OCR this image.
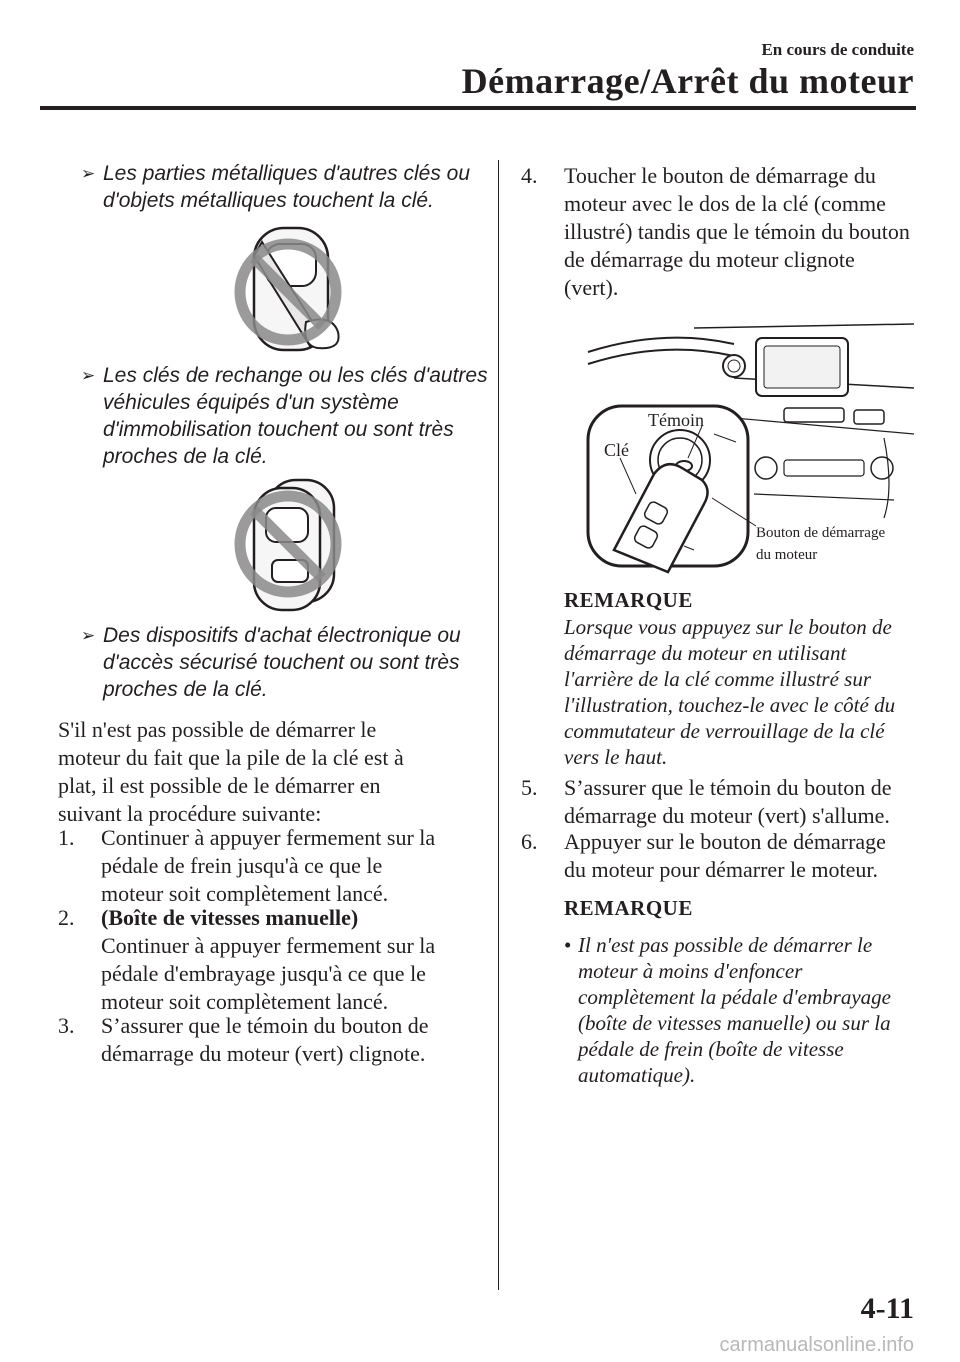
En cours de conduite
Démarrage/Arrêt du moteur
➢ Les parties métalliques d'autres clés ou
d'objets métalliques touchent la clé.
➢ Les clés de rechange ou les clés d'autres
véhicules équipés d'un système
d'immobilisation touchent ou sont très
proches de la clé.
➢ Des dispositifs d'achat électronique ou
d'accès sécurisé touchent ou sont très
proches de la clé.
S'il n'est pas possible de démarrer le
moteur du fait que la pile de la clé est à
plat, il est possible de le démarrer en
suivant la procédure suivante:
1. Continuer à appuyer fermement sur la
pédale de frein jusqu'à ce que le
moteur soit complètement lancé.
2. (Boîte de vitesses manuelle)
Continuer à appuyer fermement sur la
pédale d'embrayage jusqu'à ce que le
moteur soit complètement lancé.
3. S’assurer que le témoin du bouton de
démarrage du moteur (vert) clignote.
4. Toucher le bouton de démarrage du
moteur avec le dos de la clé (comme
illustré) tandis que le témoin du bouton
de démarrage du moteur clignote
(vert).
Témoin
Clé
Bouton de démarrage
du moteur
REMARQUE
Lorsque vous appuyez sur le bouton de
démarrage du moteur en utilisant
l'arrière de la clé comme illustré sur
l'illustration, touchez-le avec le côté du
commutateur de verrouillage de la clé
vers le haut.
5. S’assurer que le témoin du bouton de
démarrage du moteur (vert) s'allume.
6. Appuyer sur le bouton de démarrage
du moteur pour démarrer le moteur.
REMARQUE
• Il n'est pas possible de démarrer le
moteur à moins d'enfoncer
complètement la pédale d'embrayage
(boîte de vitesses manuelle) ou sur la
pédale de frein (boîte de vitesse
automatique).
4-11
carmanualsonline.info
